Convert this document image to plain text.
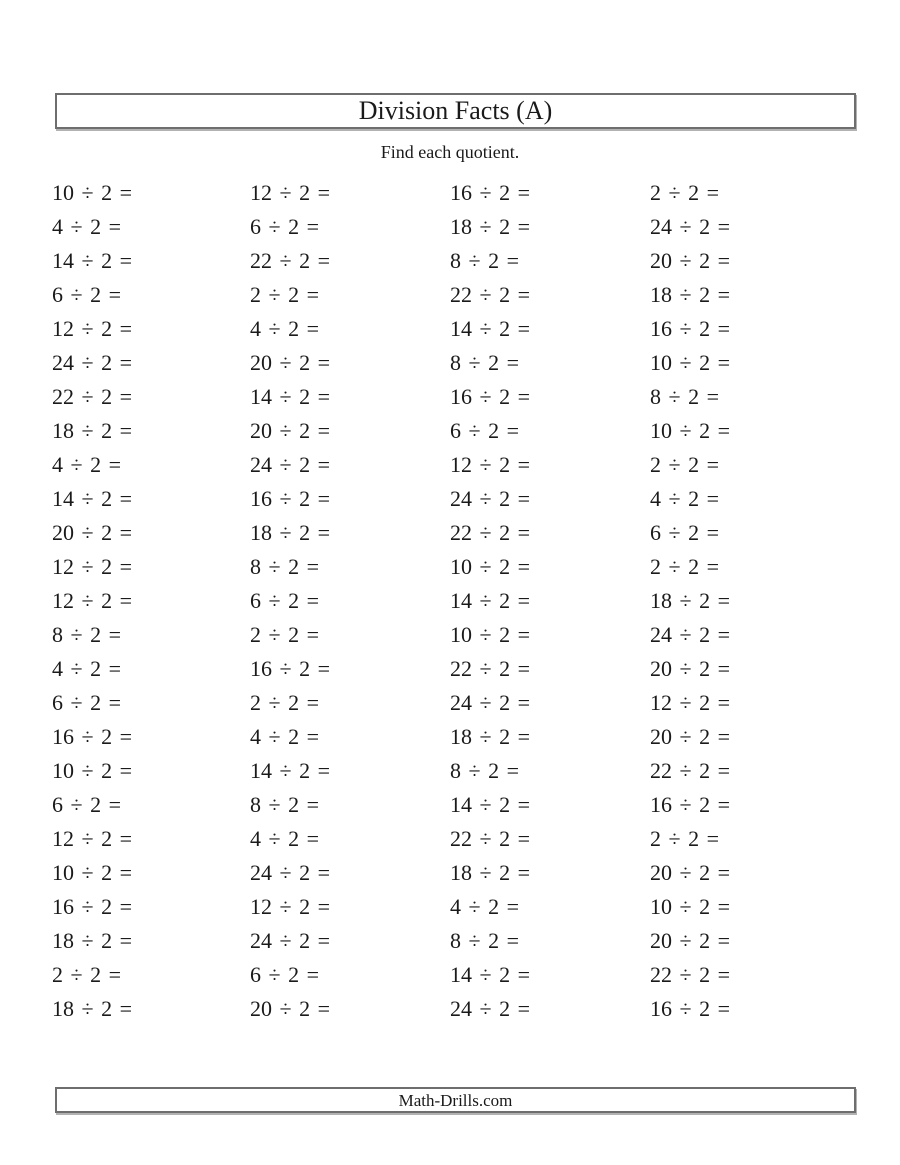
Division Facts (A)
Find each quotient.
10 ÷ 2 =	12 ÷ 2 =	16 ÷ 2 =	2 ÷ 2 =
4 ÷ 2 =	6 ÷ 2 =	18 ÷ 2 =	24 ÷ 2 =
14 ÷ 2 =	22 ÷ 2 =	8 ÷ 2 =	20 ÷ 2 =
6 ÷ 2 =	2 ÷ 2 =	22 ÷ 2 =	18 ÷ 2 =
12 ÷ 2 =	4 ÷ 2 =	14 ÷ 2 =	16 ÷ 2 =
24 ÷ 2 =	20 ÷ 2 =	8 ÷ 2 =	10 ÷ 2 =
22 ÷ 2 =	14 ÷ 2 =	16 ÷ 2 =	8 ÷ 2 =
18 ÷ 2 =	20 ÷ 2 =	6 ÷ 2 =	10 ÷ 2 =
4 ÷ 2 =	24 ÷ 2 =	12 ÷ 2 =	2 ÷ 2 =
14 ÷ 2 =	16 ÷ 2 =	24 ÷ 2 =	4 ÷ 2 =
20 ÷ 2 =	18 ÷ 2 =	22 ÷ 2 =	6 ÷ 2 =
12 ÷ 2 =	8 ÷ 2 =	10 ÷ 2 =	2 ÷ 2 =
12 ÷ 2 =	6 ÷ 2 =	14 ÷ 2 =	18 ÷ 2 =
8 ÷ 2 =	2 ÷ 2 =	10 ÷ 2 =	24 ÷ 2 =
4 ÷ 2 =	16 ÷ 2 =	22 ÷ 2 =	20 ÷ 2 =
6 ÷ 2 =	2 ÷ 2 =	24 ÷ 2 =	12 ÷ 2 =
16 ÷ 2 =	4 ÷ 2 =	18 ÷ 2 =	20 ÷ 2 =
10 ÷ 2 =	14 ÷ 2 =	8 ÷ 2 =	22 ÷ 2 =
6 ÷ 2 =	8 ÷ 2 =	14 ÷ 2 =	16 ÷ 2 =
12 ÷ 2 =	4 ÷ 2 =	22 ÷ 2 =	2 ÷ 2 =
10 ÷ 2 =	24 ÷ 2 =	18 ÷ 2 =	20 ÷ 2 =
16 ÷ 2 =	12 ÷ 2 =	4 ÷ 2 =	10 ÷ 2 =
18 ÷ 2 =	24 ÷ 2 =	8 ÷ 2 =	20 ÷ 2 =
2 ÷ 2 =	6 ÷ 2 =	14 ÷ 2 =	22 ÷ 2 =
18 ÷ 2 =	20 ÷ 2 =	24 ÷ 2 =	16 ÷ 2 =
Math-Drills.com
